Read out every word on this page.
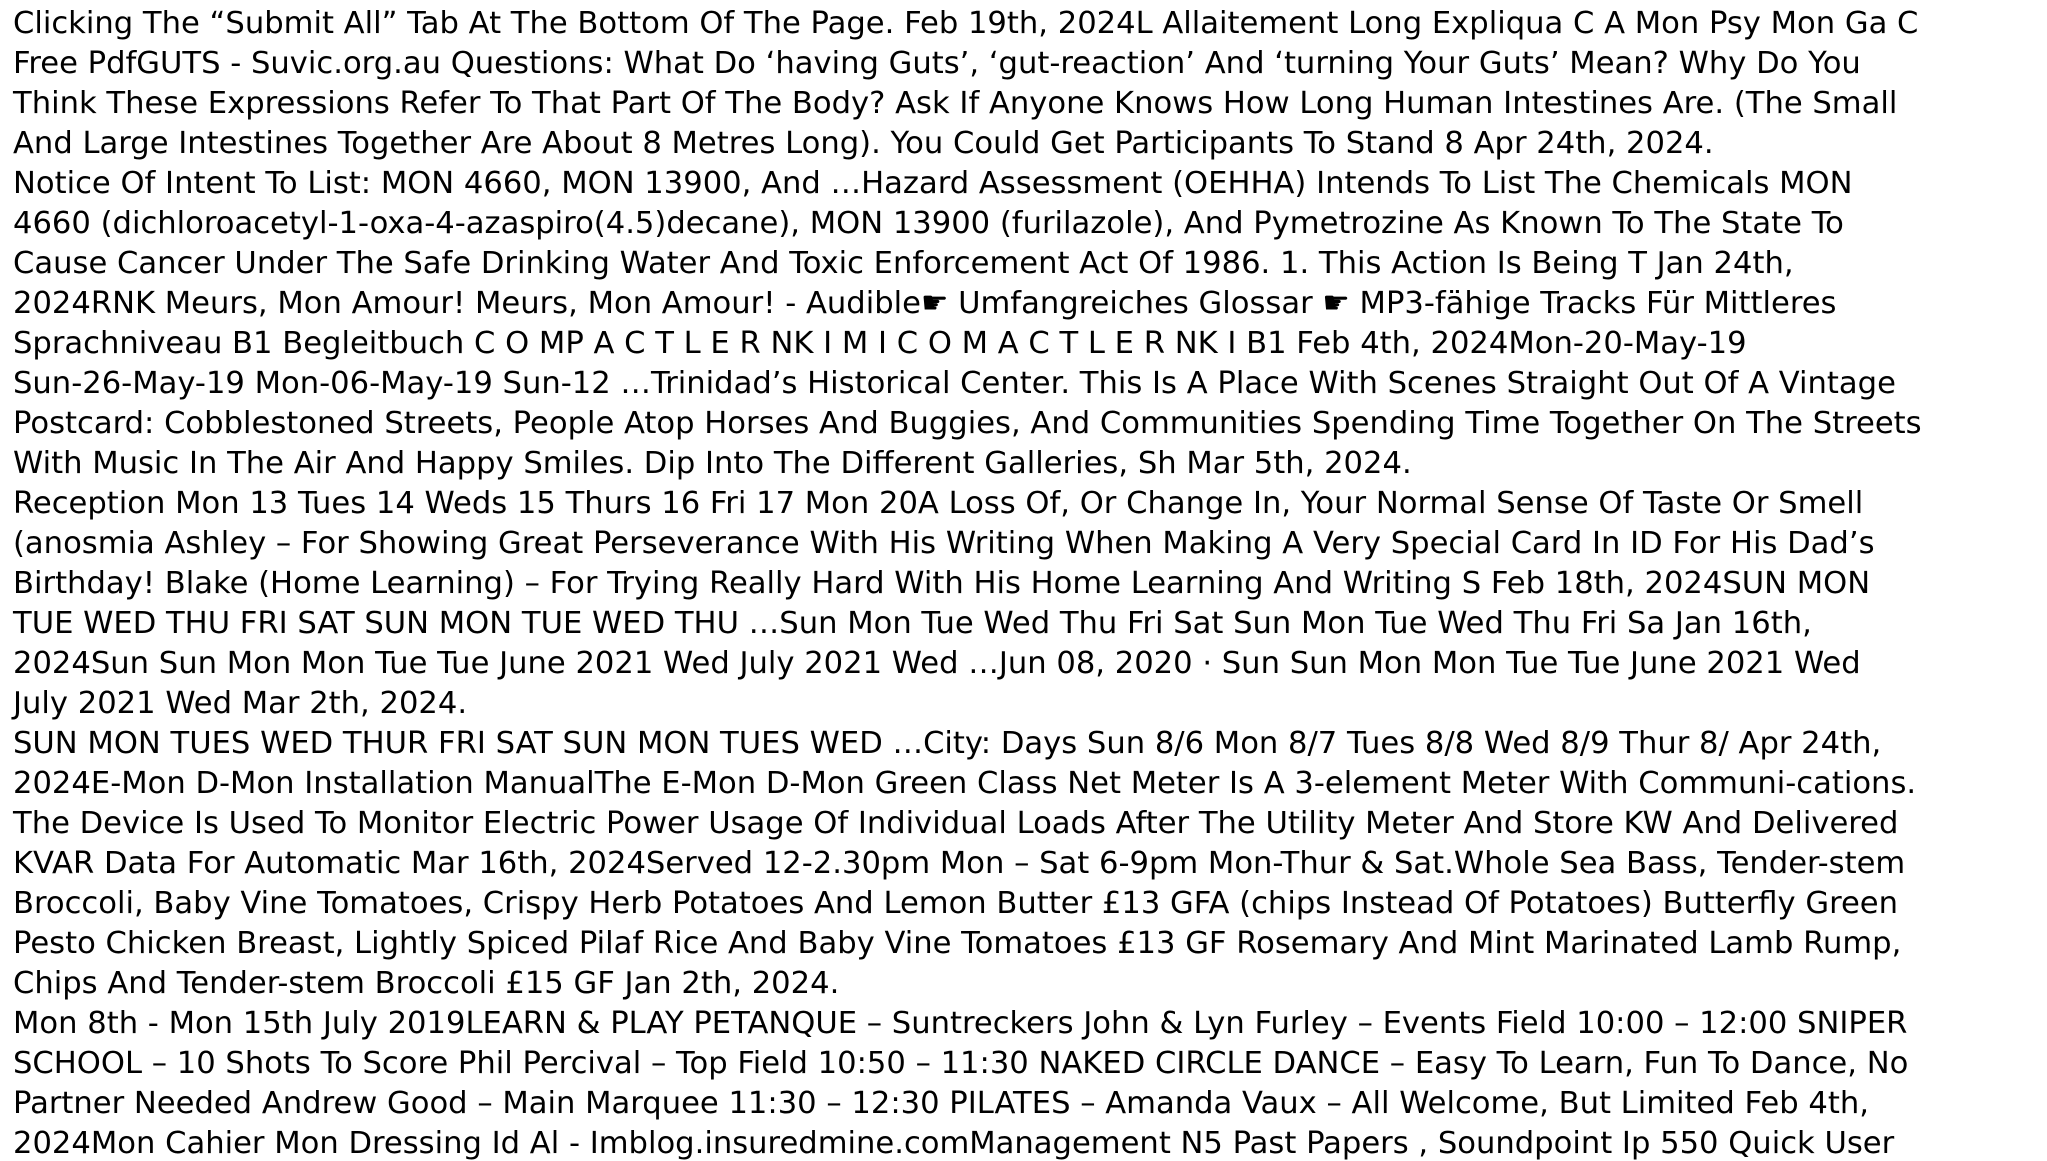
Clicking The “Submit All” Tab At The Bottom Of The Page. Feb 19th, 2024L Allaitement Long Expliqua C A Mon Psy Mon Ga C
Free PdfGUTS - Suvic.org.au Questions: What Do ‘having Guts’, ‘gut-reaction’ And ‘turning Your Guts’ Mean? Why Do You
Think These Expressions Refer To That Part Of The Body? Ask If Anyone Knows How Long Human Intestines Are. (The Small
And Large Intestines Together Are About 8 Metres Long). You Could Get Participants To Stand 8 Apr 24th, 2024.
Notice Of Intent To List: MON 4660, MON 13900, And …Hazard Assessment (OEHHA) Intends To List The Chemicals MON
4660 (dichloroacetyl-1-oxa-4-azaspiro(4.5)decane), MON 13900 (furilazole), And Pymetrozine As Known To The State To
Cause Cancer Under The Safe Drinking Water And Toxic Enforcement Act Of 1986. 1. This Action Is Being T Jan 24th,
2024RNK Meurs, Mon Amour! Meurs, Mon Amour! - Audible☛ Umfangreiches Glossar ☛ MP3-fähige Tracks Für Mittleres
Sprachniveau B1 Begleitbuch C O MP A C T L E R NK I M I C O M A C T L E R NK I B1 Feb 4th, 2024Mon-20-May-19
Sun-26-May-19 Mon-06-May-19 Sun-12 …Trinidad’s Historical Center. This Is A Place With Scenes Straight Out Of A Vintage
Postcard: Cobblestoned Streets, People Atop Horses And Buggies, And Communities Spending Time Together On The Streets
With Music In The Air And Happy Smiles. Dip Into The Different Galleries, Sh Mar 5th, 2024.
Reception Mon 13 Tues 14 Weds 15 Thurs 16 Fri 17 Mon 20A Loss Of, Or Change In, Your Normal Sense Of Taste Or Smell
(anosmia Ashley – For Showing Great Perseverance With His Writing When Making A Very Special Card In ID For His Dad’s
Birthday! Blake (Home Learning) – For Trying Really Hard With His Home Learning And Writing S Feb 18th, 2024SUN MON
TUE WED THU FRI SAT SUN MON TUE WED THU …Sun Mon Tue Wed Thu Fri Sat Sun Mon Tue Wed Thu Fri Sa Jan 16th,
2024Sun Sun Mon Mon Tue Tue June 2021 Wed July 2021 Wed …Jun 08, 2020 · Sun Sun Mon Mon Tue Tue June 2021 Wed
July 2021 Wed Mar 2th, 2024.
SUN MON TUES WED THUR FRI SAT SUN MON TUES WED …City: Days Sun 8/6 Mon 8/7 Tues 8/8 Wed 8/9 Thur 8/ Apr 24th,
2024E-Mon D-Mon Installation ManualThe E-Mon D-Mon Green Class Net Meter Is A 3-element Meter With Communi-cations.
The Device Is Used To Monitor Electric Power Usage Of Individual Loads After The Utility Meter And Store KW And Delivered
KVAR Data For Automatic Mar 16th, 2024Served 12-2.30pm Mon – Sat 6-9pm Mon-Thur & Sat.Whole Sea Bass, Tender-stem
Broccoli, Baby Vine Tomatoes, Crispy Herb Potatoes And Lemon Butter £13 GFA (chips Instead Of Potatoes) Butterfly Green
Pesto Chicken Breast, Lightly Spiced Pilaf Rice And Baby Vine Tomatoes £13 GF Rosemary And Mint Marinated Lamb Rump,
Chips And Tender-stem Broccoli £15 GF Jan 2th, 2024.
Mon 8th - Mon 15th July 2019LEARN & PLAY PETANQUE – Suntreckers John & Lyn Furley – Events Field 10:00 – 12:00 SNIPER
SCHOOL – 10 Shots To Score Phil Percival – Top Field 10:50 – 11:30 NAKED CIRCLE DANCE – Easy To Learn, Fun To Dance, No
Partner Needed Andrew Good – Main Marquee 11:30 – 12:30 PILATES – Amanda Vaux – All Welcome, But Limited Feb 4th,
2024Mon Cahier Mon Dressing Id Al - Imblog.insuredmine.comManagement N5 Past Papers , Soundpoint Ip 550 Quick User
